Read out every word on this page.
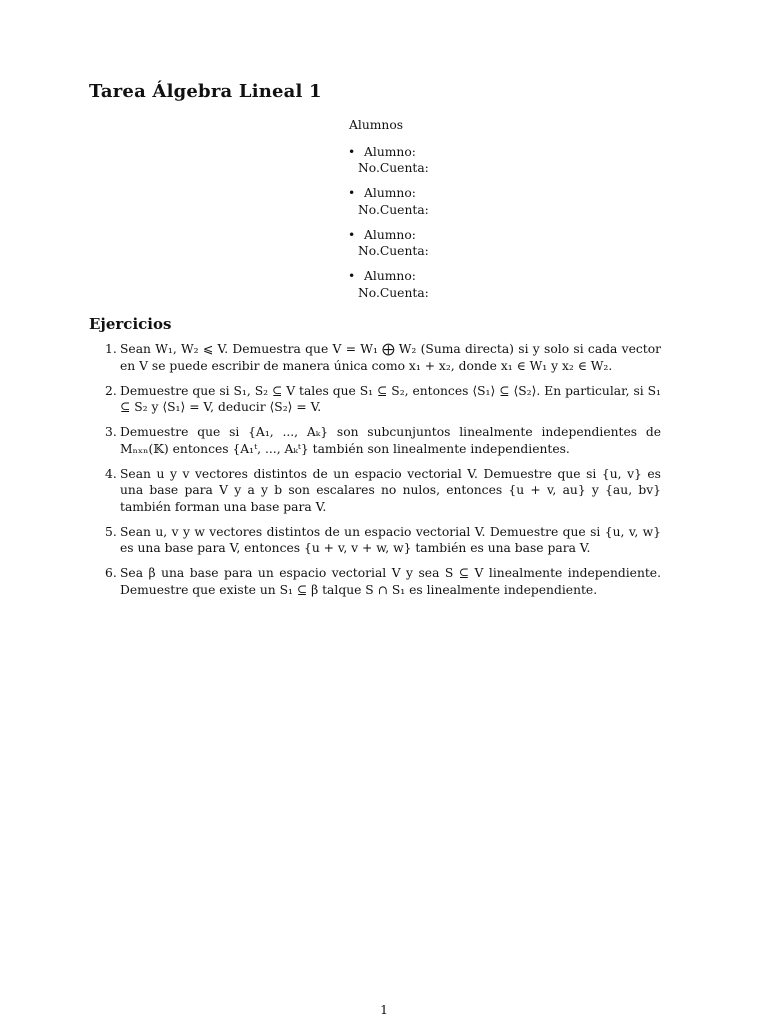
Tarea Álgebra Lineal 1
Alumnos
• Alumno:
No.Cuenta:
• Alumno:
No.Cuenta:
• Alumno:
No.Cuenta:
• Alumno:
No.Cuenta:
Ejercicios
1. Sean W₁, W₂ ⩽ V. Demuestra que V = W₁ ⨁ W₂ (Suma directa) si y solo si cada vector en V se puede escribir de manera única como x₁ + x₂, donde x₁ ∈ W₁ y x₂ ∈ W₂.
2. Demuestre que si S₁, S₂ ⊆ V tales que S₁ ⊆ S₂, entonces ⟨S₁⟩ ⊆ ⟨S₂⟩. En particular, si S₁ ⊆ S₂ y ⟨S₁⟩ = V, deducir ⟨S₂⟩ = V.
3. Demuestre que si {A₁, ..., Aₖ} son subcunjuntos linealmente independientes de Mₙₓₙ(𝕂) entonces {A₁ᵗ, ..., Aₖᵗ} también son linealmente independientes.
4. Sean u y v vectores distintos de un espacio vectorial V. Demuestre que si {u, v} es una base para V y a y b son escalares no nulos, entonces {u + v, au} y {au, bv} también forman una base para V.
5. Sean u, v y w vectores distintos de un espacio vectorial V. Demuestre que si {u, v, w} es una base para V, entonces {u + v, v + w, w} también es una base para V.
6. Sea β una base para un espacio vectorial V y sea S ⊆ V linealmente independiente. Demuestre que existe un S₁ ⊆ β talque S ∩ S₁ es linealmente independiente.
1
